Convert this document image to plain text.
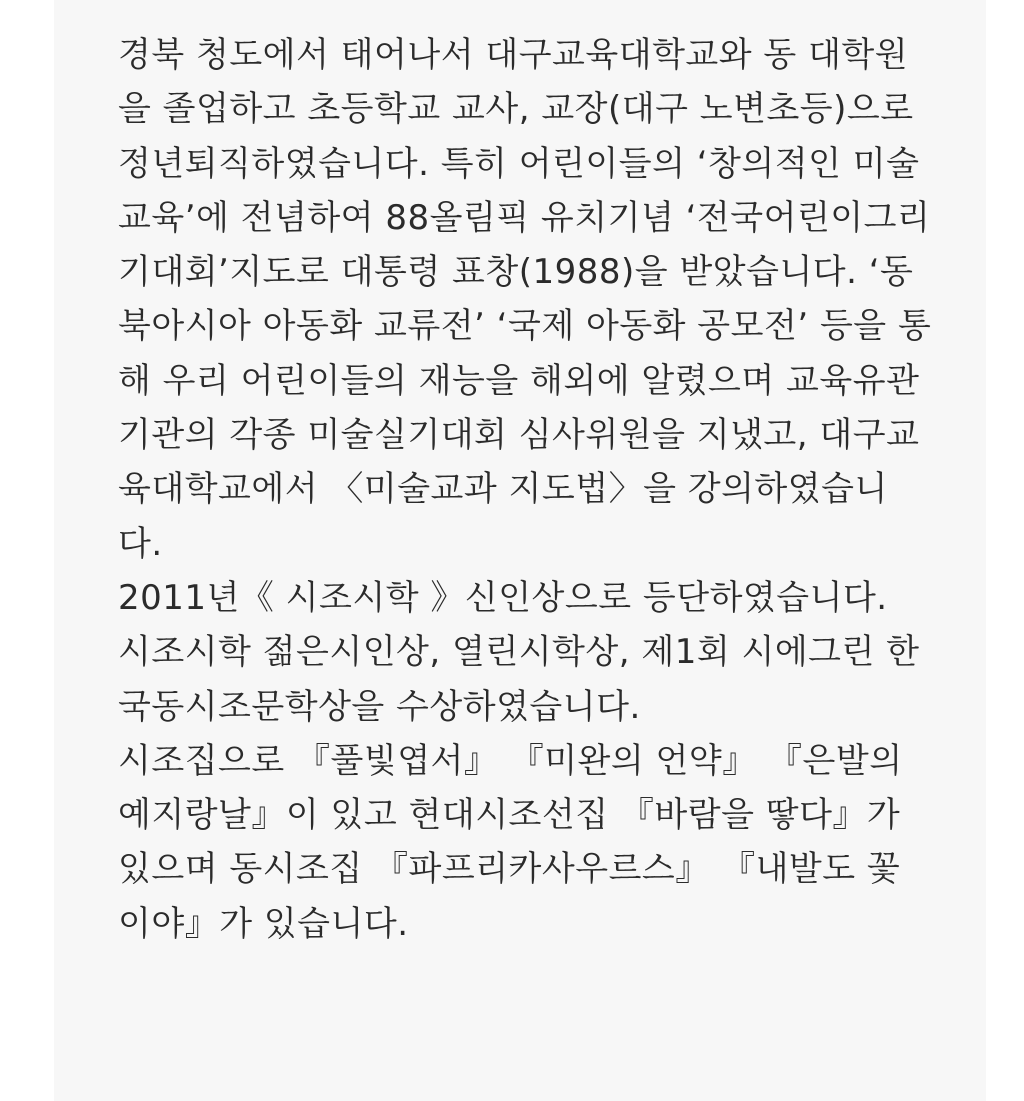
경북 청도에서 태어나서 대구교육대학교와 동 대학원
을 졸업하고 초등학교 교사, 교장(대구 노변초등)으로
정년퇴직하였습니다. 특히 어린이들의 ‘창의적인 미술
교육’에 전념하여 88올림픽 유치기념 ‘전국어린이그리
기대회’지도로 대통령 표창(1988)을 받았습니다. ‘동
북아시아 아동화 교류전’ ‘국제 아동화 공모전’ 등을 통
해 우리 어린이들의 재능을 해외에 알렸으며 교육유관
기관의 각종 미술실기대회 심사위원을 지냈고, 대구교
육대학교에서 〈미술교과 지도법〉을 강의하였습니
다.
2011년《 시조시학 》신인상으로 등단하였습니다.
시조시학 젊은시인상, 열린시학상, 제1회 시에그린 한
국동시조문학상을 수상하였습니다.
시조집으로 『풀빛엽서』 『미완의 언약』 『은발의
예지랑날』이 있고 현대시조선집 『바람을 땋다』가
있으며 동시조집 『파프리카사우르스』 『내발도 꽃
이야』가 있습니다.
